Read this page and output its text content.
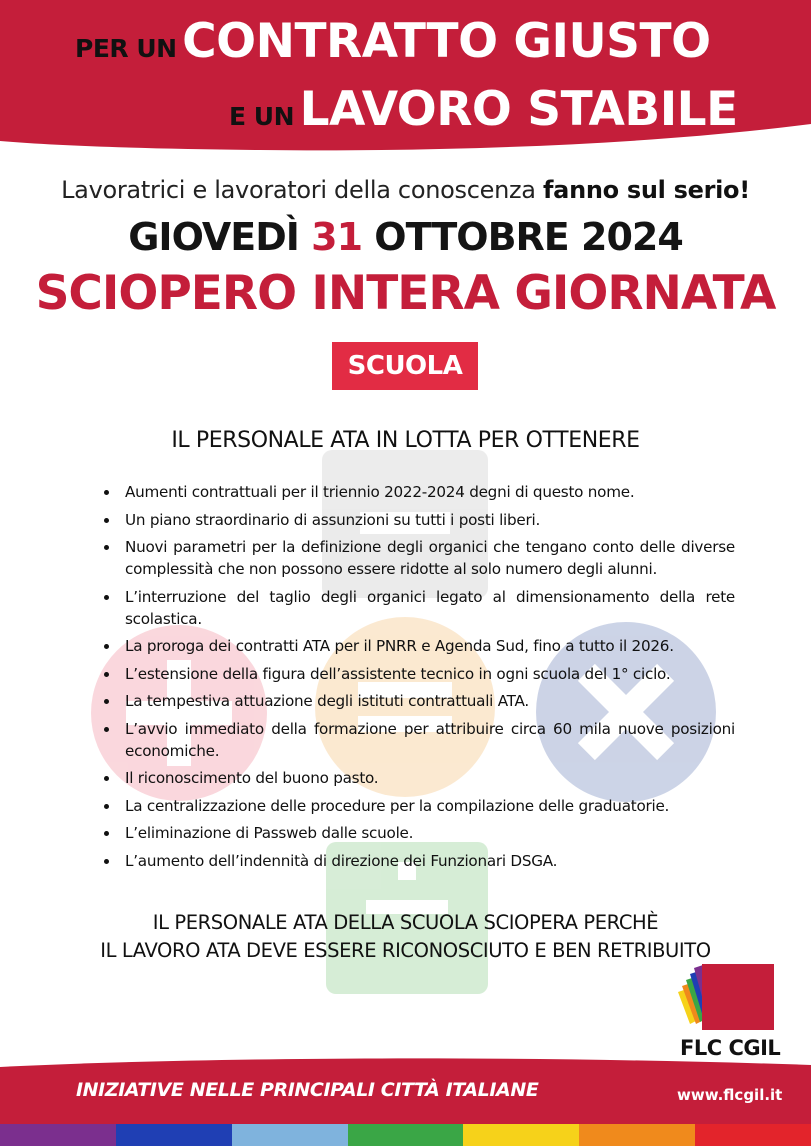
PER UN CONTRATTO GIUSTO
E UN LAVORO STABILE
Lavoratrici e lavoratori della conoscenza fanno sul serio!
GIOVEDÌ 31 OTTOBRE 2024
SCIOPERO INTERA GIORNATA
SCUOLA
IL PERSONALE ATA IN LOTTA PER OTTENERE
Aumenti contrattuali per il triennio 2022-2024 degni di questo nome.
Un piano straordinario di assunzioni su tutti i posti liberi.
Nuovi parametri per la definizione degli organici che tengano conto delle diverse complessità che non possono essere ridotte al solo numero degli alunni.
L’interruzione del taglio degli organici legato al dimensionamento della rete scolastica.
La proroga dei contratti ATA per il PNRR e Agenda Sud, fino a tutto il 2026.
L’estensione della figura dell’assistente tecnico in ogni scuola del 1° ciclo.
La tempestiva attuazione degli istituti contrattuali ATA.
L’avvio immediato della formazione per attribuire circa 60 mila nuove posizioni economiche.
Il riconoscimento del buono pasto.
La centralizzazione delle procedure per la compilazione delle graduatorie.
L’eliminazione di Passweb dalle scuole.
L’aumento dell’indennità di direzione dei Funzionari DSGA.
IL PERSONALE ATA DELLA SCUOLA SCIOPERA PERCHÈ
IL LAVORO ATA DEVE ESSERE RICONOSCIUTO E BEN RETRIBUITO
FLC CGIL
INIZIATIVE NELLE PRINCIPALI CITTÀ ITALIANE	www.flcgil.it
